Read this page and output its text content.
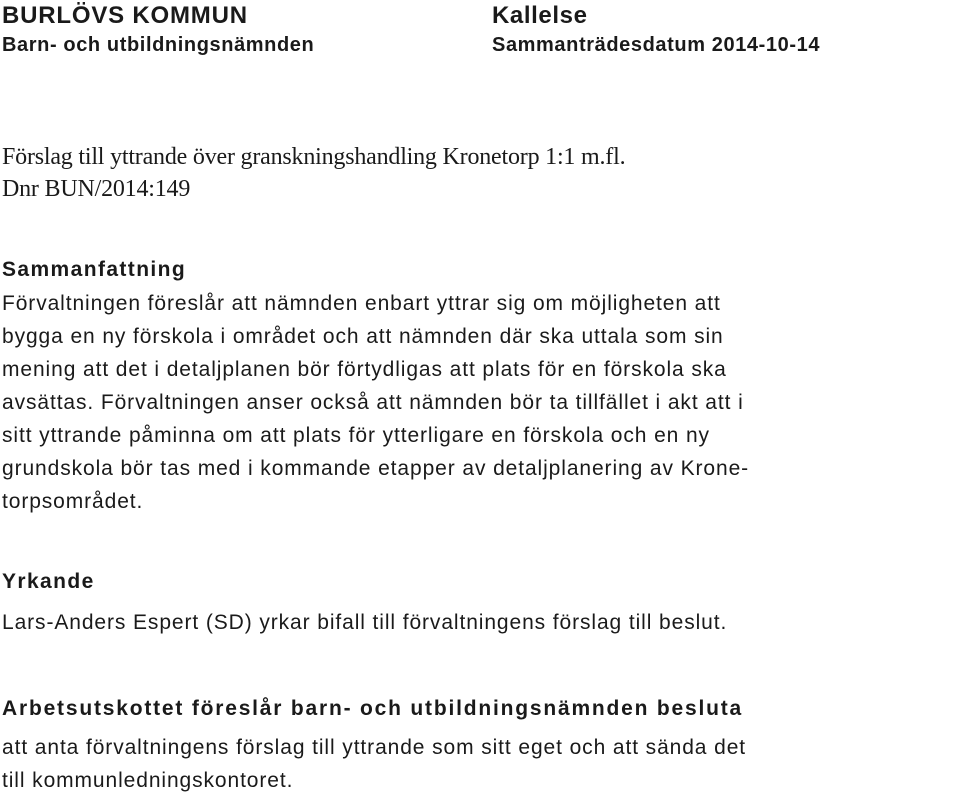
BURLÖVS KOMMUN
Barn- och utbildningsnämnden
Kallelse
Sammanträdesdatum 2014-10-14
Förslag till yttrande över granskningshandling Kronetorp 1:1 m.fl.
Dnr BUN/2014:149
Sammanfattning
Förvaltningen föreslår att nämnden enbart yttrar sig om möjligheten att
bygga en ny förskola i området och att nämnden där ska uttala som sin
mening att det i detaljplanen bör förtydligas att plats för en förskola ska
avsättas. Förvaltningen anser också att nämnden bör ta tillfället i akt att i
sitt yttrande påminna om att plats för ytterligare en förskola och en ny
grundskola bör tas med i kommande etapper av detaljplanering av Krone-
torpsområdet.
Yrkande
Lars-Anders Espert (SD) yrkar bifall till förvaltningens förslag till beslut.
Arbetsutskottet föreslår barn- och utbildningsnämnden besluta
att anta förvaltningens förslag till yttrande som sitt eget och att sända det
till kommunledningskontoret.
